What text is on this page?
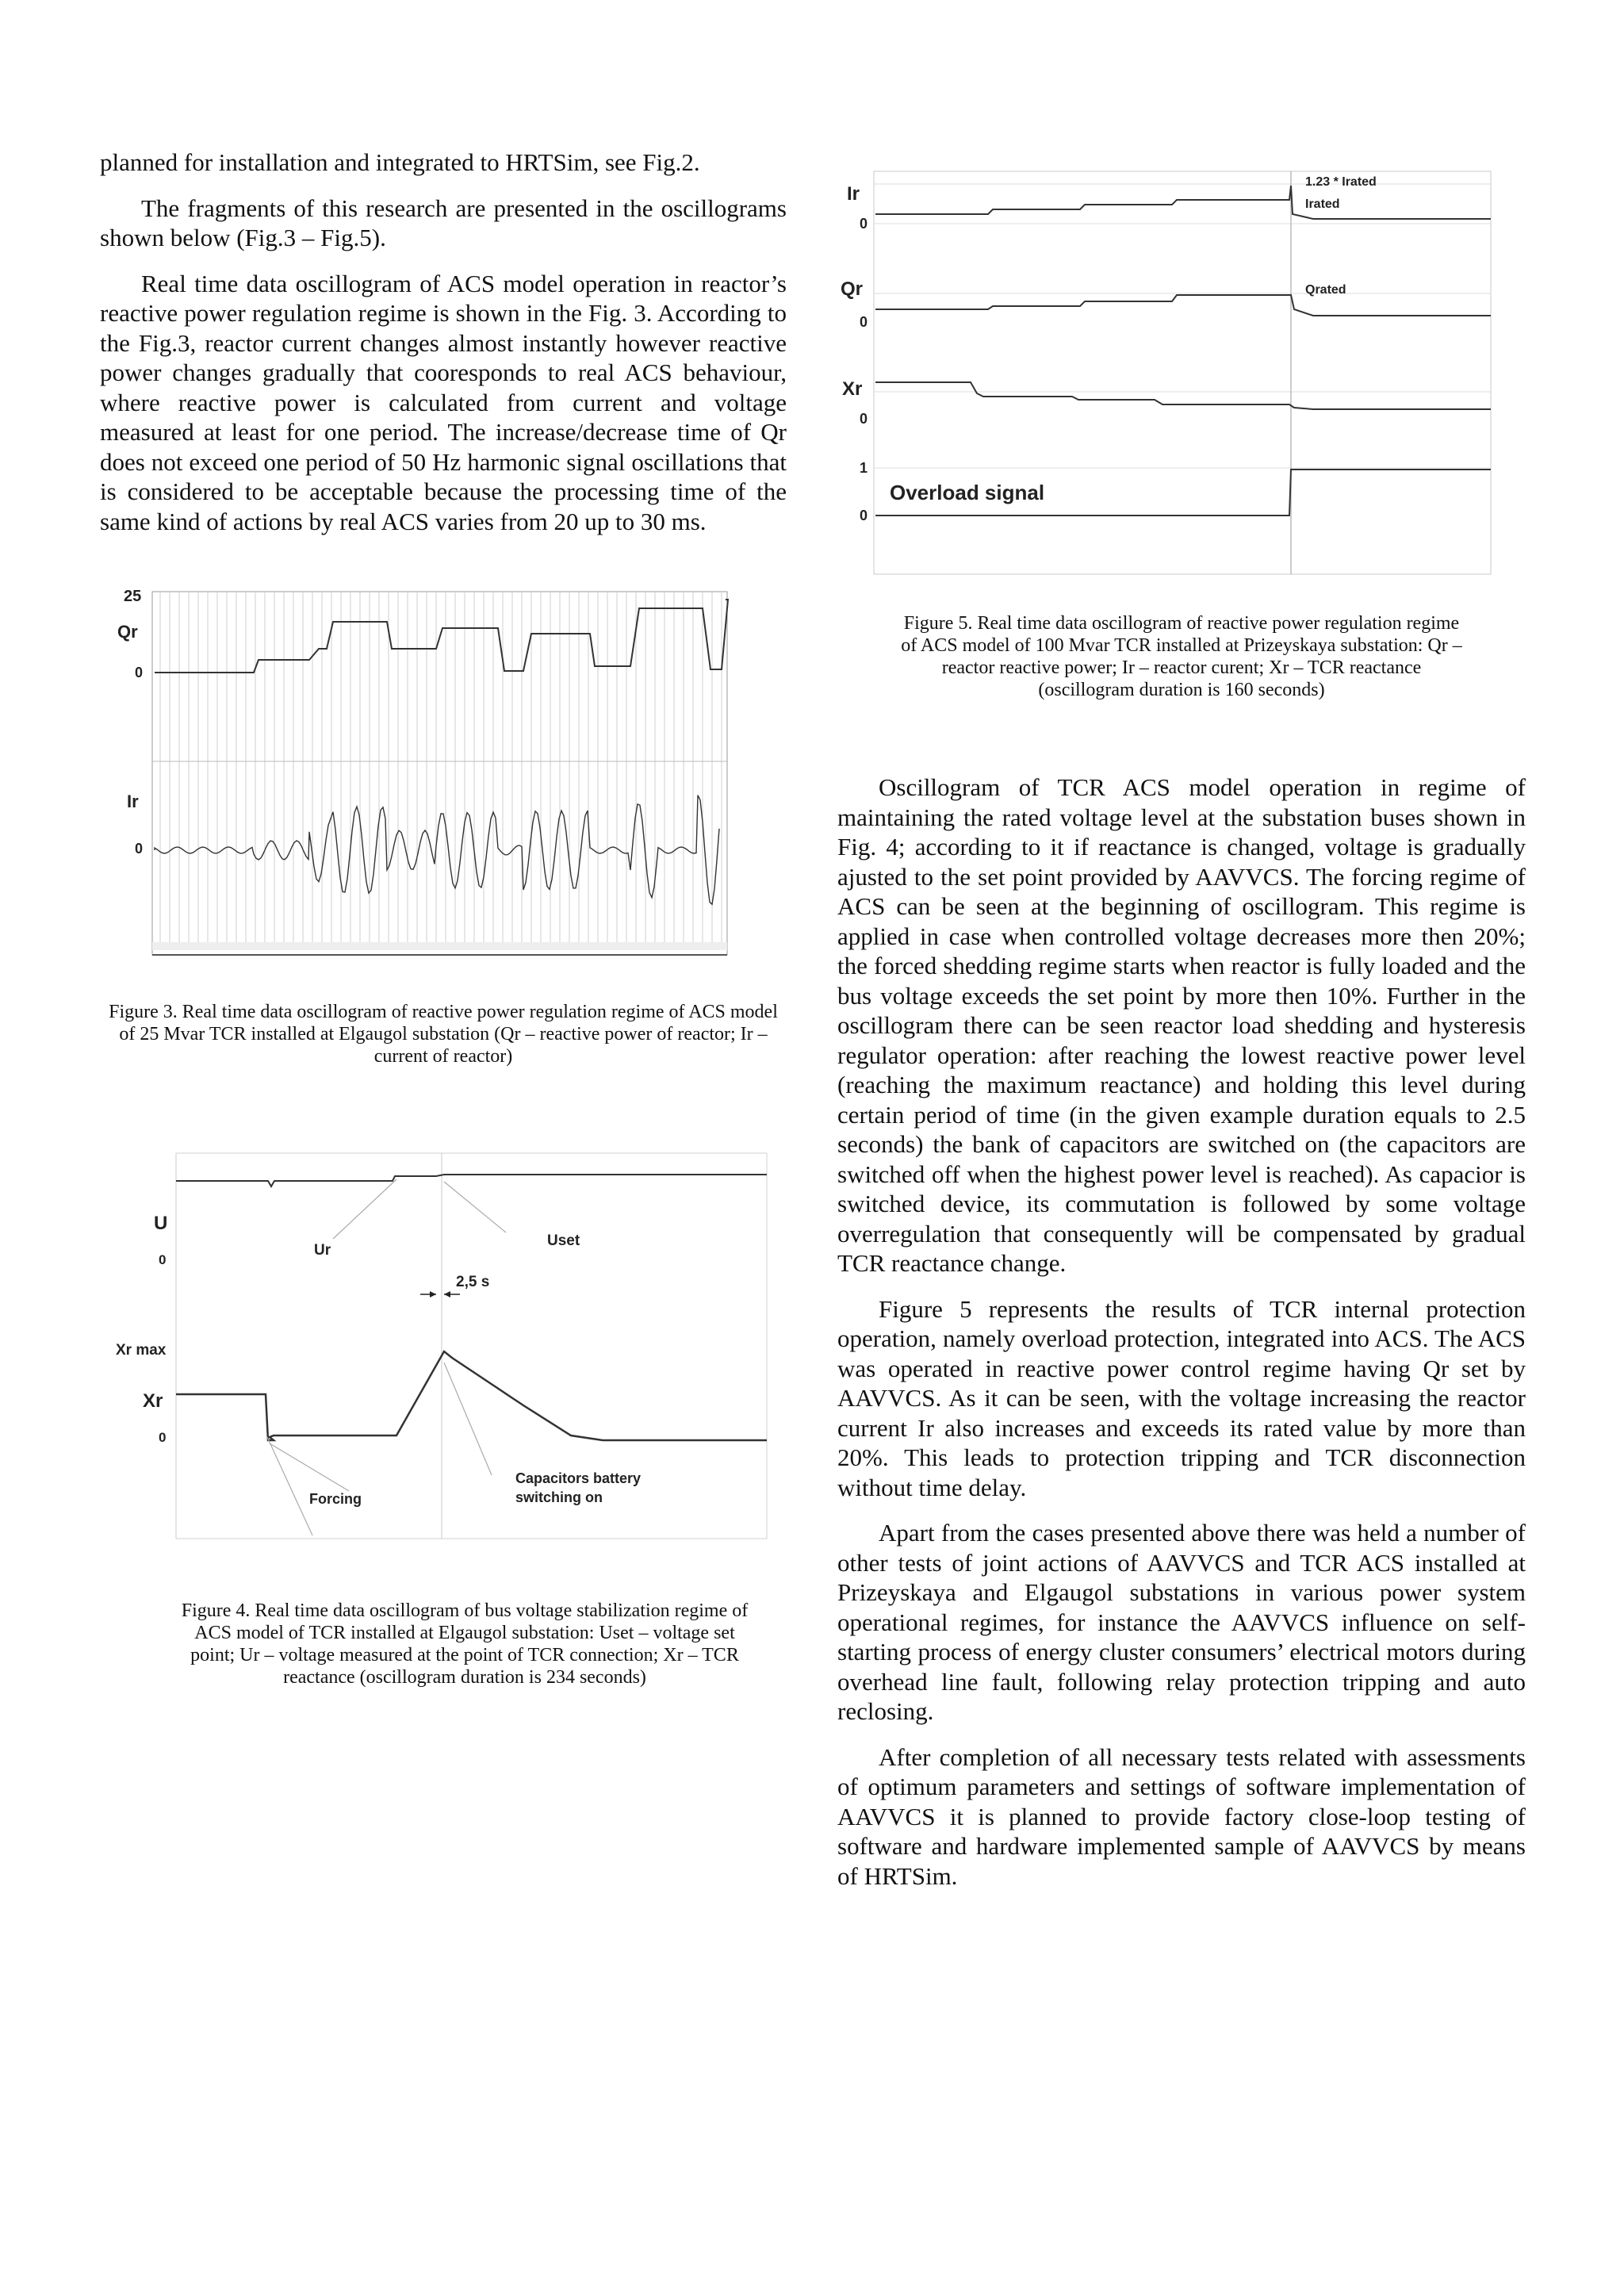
planned for installation and integrated to HRTSim, see Fig.2.

The fragments of this research are presented in the oscillograms shown below (Fig.3 – Fig.5).

Real time data oscillogram of ACS model operation in reactor’s reactive power regulation regime is shown in the Fig. 3. According to the Fig.3, reactor current changes almost instantly however reactive power changes gradually that cooresponds to real ACS behaviour, where reactive power is calculated from current and voltage measured at least for one period. The increase/decrease time of Qr does not exceed one period of 50 Hz harmonic signal oscillations that is considered to be acceptable because the processing time of the same kind of actions by real ACS varies from 20 up to 30 ms.

25
Qr
0
Ir
0
Figure 3. Real time data oscillogram of reactive power regulation regime of ACS model of 25 Mvar TCR installed at Elgaugol substation (Qr – reactive power of reactor; Ir – current of reactor)
U
0
Ur
Uset
2,5 s
Xr max
Xr
0
Forcing
Capacitors battery
switching on
Figure 4. Real time data oscillogram of bus voltage stabilization regime of ACS model of TCR installed at Elgaugol substation: Uset – voltage set point; Ur – voltage measured at the point of TCR connection; Xr – TCR reactance (oscillogram duration is 234 seconds)
Ir
0
1.23 * Irated
Irated
Qr
0
Qrated
Xr
0
1
Overload signal
0
Figure 5. Real time data oscillogram of reactive power regulation regime of ACS model of 100 Mvar TCR installed at Prizeyskaya substation: Qr – reactor reactive power; Ir – reactor curent; Xr – TCR reactance (oscillogram duration is 160 seconds)

Oscillogram of TCR ACS model operation in regime of maintaining the rated voltage level at the substation buses shown in Fig. 4; according to it if reactance is changed, voltage is gradually ajusted to the set point provided by AAVVCS. The forcing regime of ACS can be seen at the beginning of oscillogram. This regime is applied in case when controlled voltage decreases more then 20%; the forced shedding regime starts when reactor is fully loaded and the bus voltage exceeds the set point by more then 10%. Further in the oscillogram there can be seen reactor load shedding and hysteresis regulator operation: after reaching the lowest reactive power level (reaching the maximum reactance) and holding this level during certain period of time (in the given example duration equals to 2.5 seconds) the bank of capacitors are switched on (the capacitors are switched off when the highest power level is reached). As capacior is switched device, its commutation is followed by some voltage overregulation that consequently will be compensated by gradual TCR reactance change.

Figure 5 represents the results of TCR internal protection operation, namely overload protection, integrated into ACS. The ACS was operated in reactive power control regime having Qr set by AAVVCS. As it can be seen, with the voltage increasing the reactor current Ir also increases and exceeds its rated value by more than 20%. This leads to protection tripping and TCR disconnection without time delay.

Apart from the cases presented above there was held a number of other tests of joint actions of AAVVCS and TCR ACS installed at Prizeyskaya and Elgaugol substations in various power system operational regimes, for instance the AAVVCS influence on self-starting process of energy cluster consumers’ electrical motors during overhead line fault, following relay protection tripping and auto reclosing.

After completion of all necessary tests related with assessments of optimum parameters and settings of software implementation of AAVVCS it is planned to provide factory close-loop testing of software and hardware implemented sample of AAVVCS by means of HRTSim.
